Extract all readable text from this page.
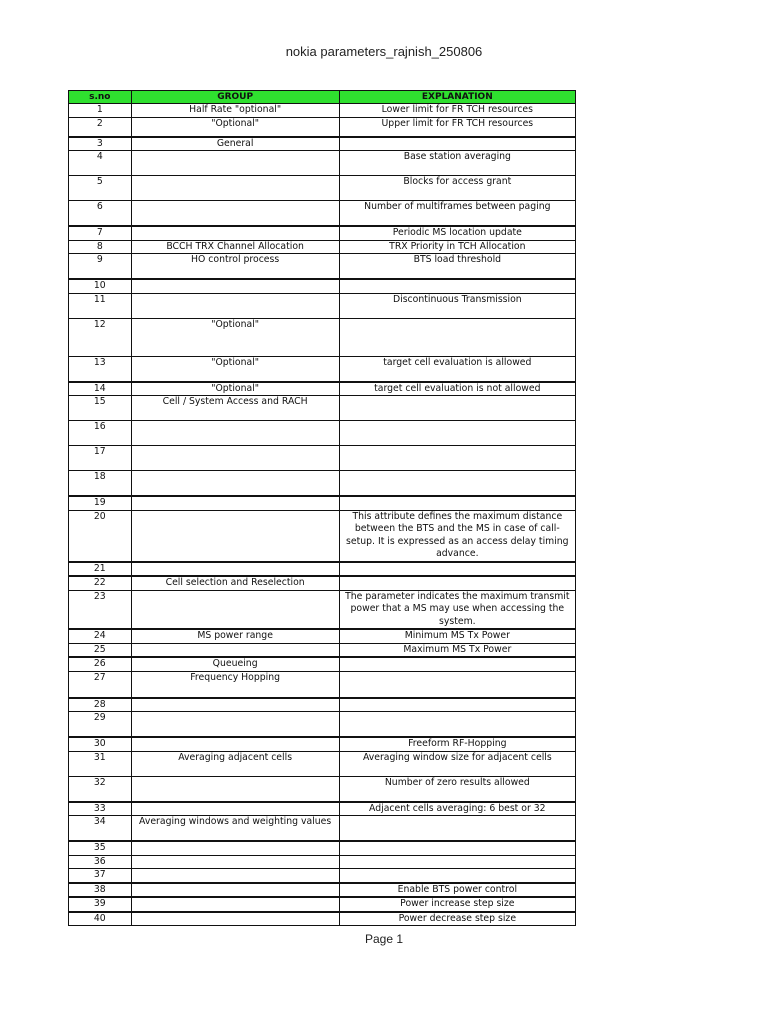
nokia parameters_rajnish_250806
s.no	GROUP	EXPLANATION
1	Half Rate "optional"	Lower limit for FR TCH resources
2	"Optional"	Upper limit for FR TCH resources
3	General	
4		Base station averaging
5		Blocks for access grant
6		Number of multiframes between paging
7		Periodic MS location update
8	BCCH TRX Channel Allocation	TRX Priority in TCH Allocation
9	HO control process	BTS load threshold
10		
11		Discontinuous Transmission
12	"Optional"	
13	"Optional"	target cell evaluation is allowed
14	"Optional"	target cell evaluation is not allowed
15	Cell / System Access and RACH	
16		
17		
18		
19		
20		This attribute defines the maximum distance between the BTS and the MS in case of call-setup. It is expressed as an access delay timing advance.
21		
22	Cell selection and Reselection	
23		The parameter indicates the maximum transmit power that a MS may use when accessing the system.
24	MS power range	Minimum MS Tx Power
25		Maximum MS Tx Power
26	Queueing	
27	Frequency Hopping	
28		
29		
30		Freeform RF-Hopping
31	Averaging adjacent cells	Averaging window size for adjacent cells
32		Number of zero results allowed
33		Adjacent cells averaging: 6 best or 32
34	Averaging windows and weighting values	
35		
36		
37		
38		Enable BTS power control
39		Power increase step size
40		Power decrease step size
Page 1
